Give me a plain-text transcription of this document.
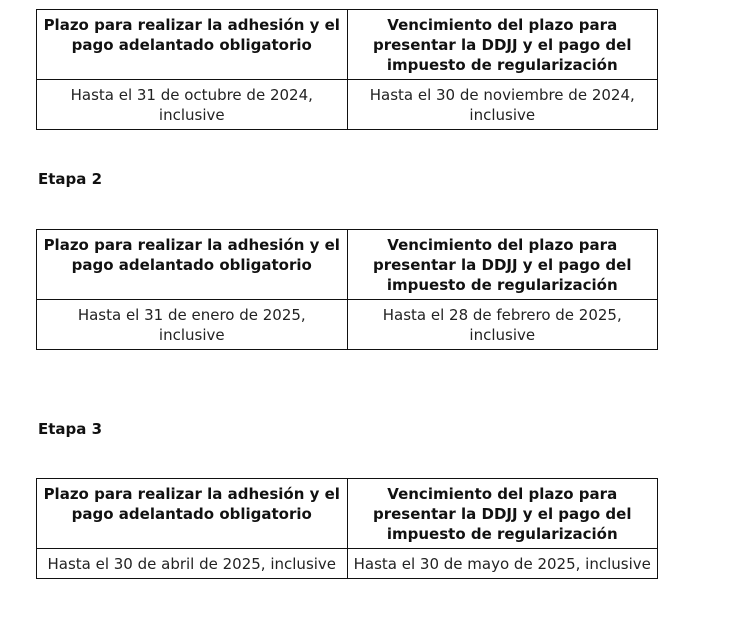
Plazo para realizar la adhesión y el pago adelantado obligatorio	Vencimiento del plazo para presentar la DDJJ y el pago del impuesto de regularización
Hasta el 31 de octubre de 2024, inclusive	Hasta el 30 de noviembre de 2024, inclusive
Etapa 2
Plazo para realizar la adhesión y el pago adelantado obligatorio	Vencimiento del plazo para presentar la DDJJ y el pago del impuesto de regularización
Hasta el 31 de enero de 2025, inclusive	Hasta el 28 de febrero de 2025, inclusive
Etapa 3
Plazo para realizar la adhesión y el pago adelantado obligatorio	Vencimiento del plazo para presentar la DDJJ y el pago del impuesto de regularización
Hasta el 30 de abril de 2025, inclusive	Hasta el 30 de mayo de 2025, inclusive
